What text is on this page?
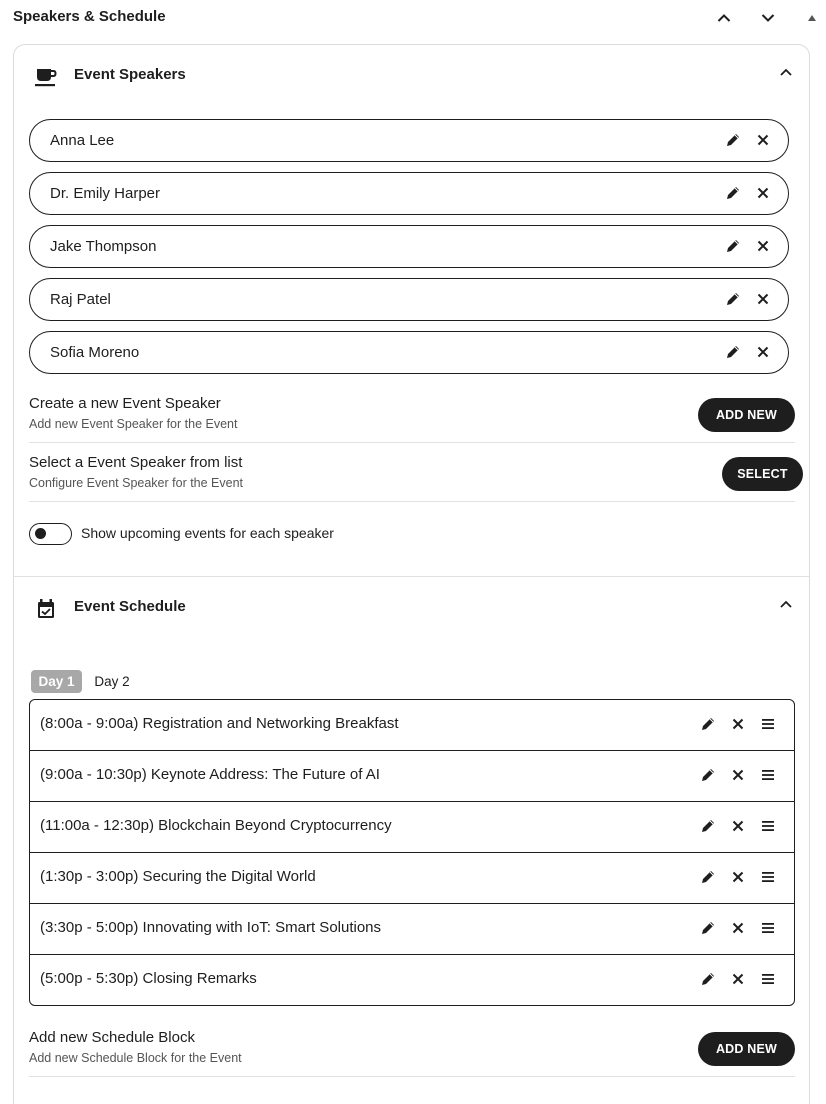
Speakers & Schedule
Event Speakers
Anna Lee
Dr. Emily Harper
Jake Thompson
Raj Patel
Sofia Moreno
Create a new Event Speaker
Add new Event Speaker for the Event
ADD NEW
Select a Event Speaker from list
Configure Event Speaker for the Event
SELECT
Show upcoming events for each speaker
Event Schedule
Day 1	Day 2
(8:00a - 9:00a) Registration and Networking Breakfast
(9:00a - 10:30p) Keynote Address: The Future of AI
(11:00a - 12:30p) Blockchain Beyond Cryptocurrency
(1:30p - 3:00p) Securing the Digital World
(3:30p - 5:00p) Innovating with IoT: Smart Solutions
(5:00p - 5:30p) Closing Remarks
Add new Schedule Block
Add new Schedule Block for the Event
ADD NEW
